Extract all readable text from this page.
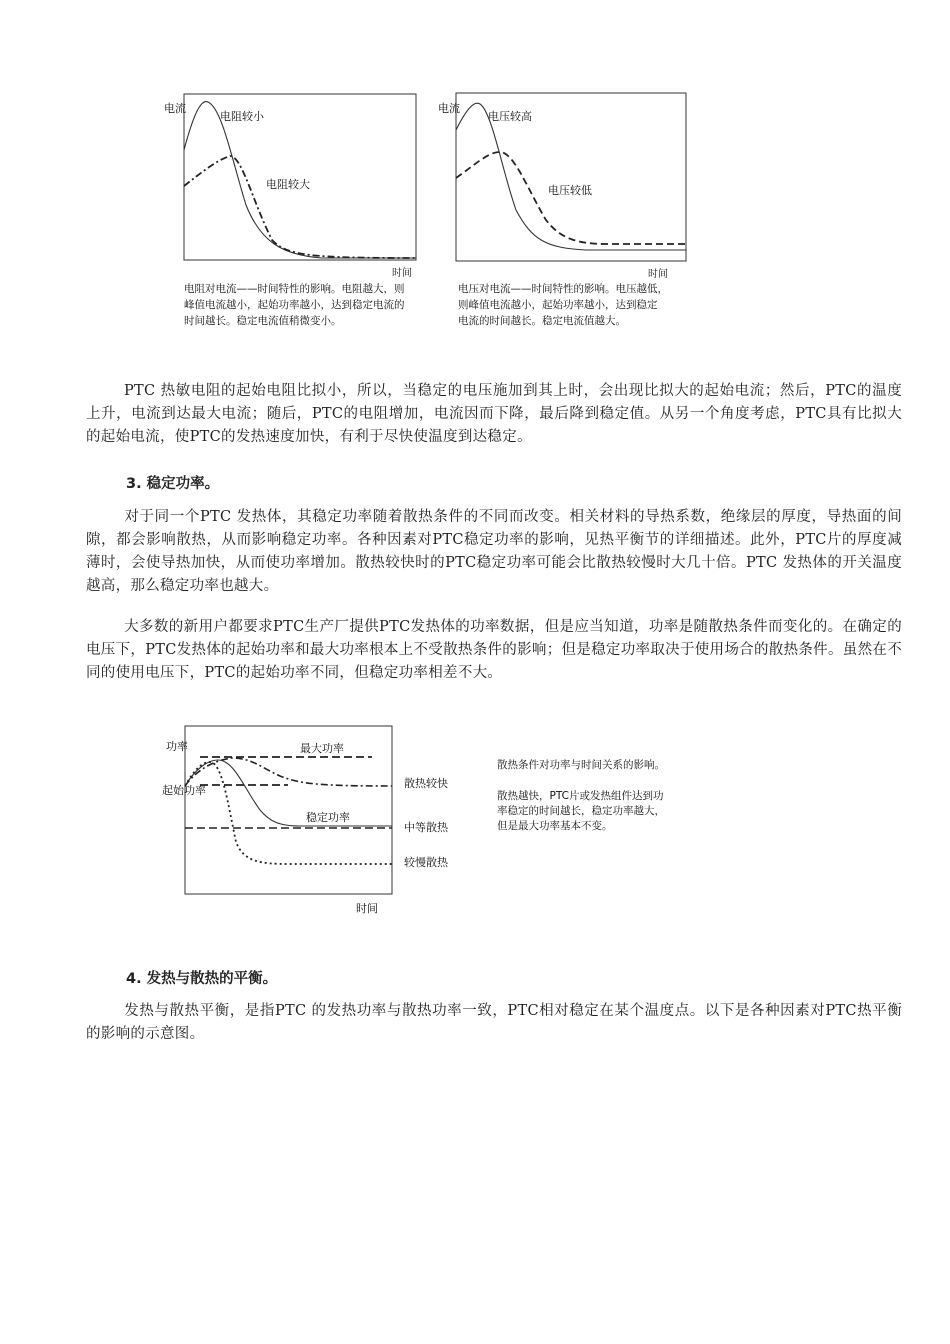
电流
电阻较小
电阻较大
时间
电阻对电流——时间特性的影响。电阻越大，则
峰值电流越小，起始功率越小，达到稳定电流的
时间越长。稳定电流值稍微变小。
电流
电压较高
电压较低
时间
电压对电流——时间特性的影响。电压越低，
则峰值电流越小，起始功率越小，达到稳定
电流的时间越长。稳定电流值越大。

PTC 热敏电阻的起始电阻比拟小，所以，当稳定的电压施加到其上时，会出现比拟大的起始电流；然后，PTC的温度上升，电流到达最大电流；随后，PTC的电阻增加，电流因而下降，最后降到稳定值。从另一个角度考虑，PTC具有比拟大的起始电流，使PTC的发热速度加快，有利于尽快使温度到达稳定。

3. 稳定功率。

对于同一个PTC 发热体，其稳定功率随着散热条件的不同而改变。相关材料的导热系数，绝缘层的厚度，导热面的间隙，都会影响散热，从而影响稳定功率。各种因素对PTC稳定功率的影响，见热平衡节的详细描述。此外，PTC片的厚度减薄时，会使导热加快，从而使功率增加。散热较快时的PTC稳定功率可能会比散热较慢时大几十倍。PTC 发热体的开关温度越高，那么稳定功率也越大。

大多数的新用户都要求PTC生产厂提供PTC发热体的功率数据，但是应当知道，功率是随散热条件而变化的。在确定的电压下，PTC发热体的起始功率和最大功率根本上不受散热条件的影响；但是稳定功率取决于使用场合的散热条件。虽然在不同的使用电压下，PTC的起始功率不同，但稳定功率相差不大。

功率	最大功率
起始功率
稳定功率
散热较快
中等散热
较慢散热
时间
散热条件对功率与时间关系的影响。
散热越快，PTC片或发热组件达到功
率稳定的时间越长，稳定功率越大，
但是最大功率基本不变。

4. 发热与散热的平衡。

发热与散热平衡，是指PTC 的发热功率与散热功率一致，PTC相对稳定在某个温度点。以下是各种因素对PTC热平衡的影响的示意图。
